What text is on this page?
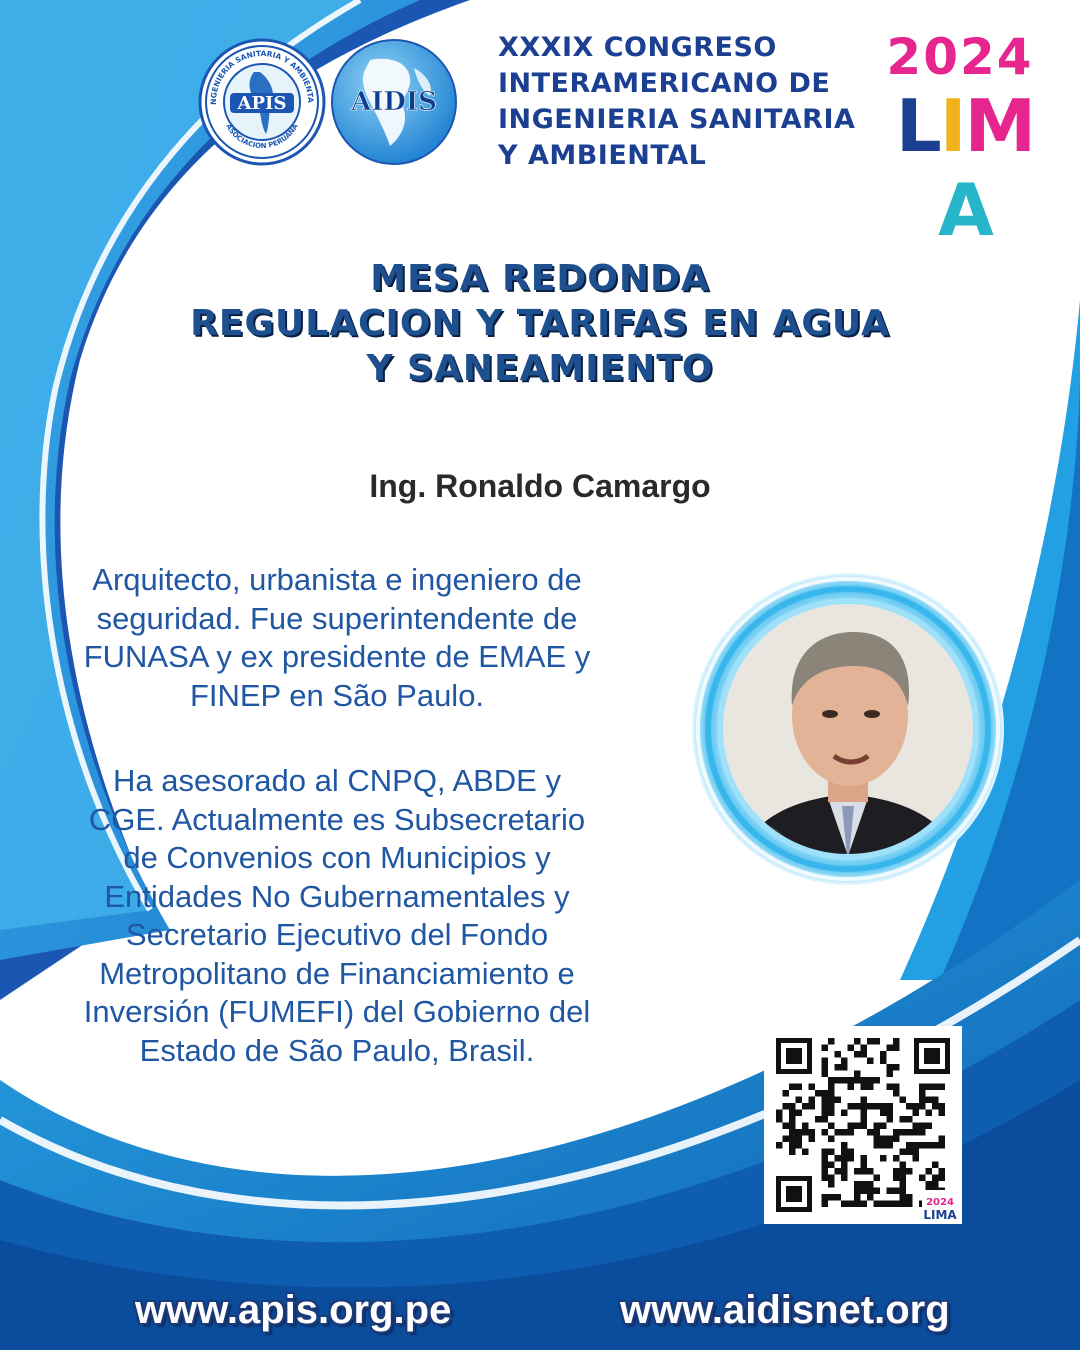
NGENIERIA SANITARIA Y AMBIENTA
ASOCIACION PERUANA
APIS AIDIS
XXXIX CONGRESO
INTERAMERICANO DE
INGENIERIA SANITARIA
Y AMBIENTAL
2024
LIMA
MESA REDONDA
REGULACION Y TARIFAS EN AGUA
Y SANEAMIENTO
Ing. Ronaldo Camargo
Arquitecto, urbanista e ingeniero de
seguridad. Fue superintendente de
FUNASA y ex presidente de EMAE y
FINEP en São Paulo.
Ha asesorado al CNPQ, ABDE y
CGE. Actualmente es Subsecretario
de Convenios con Municipios y
Entidades No Gubernamentales y
Secretario Ejecutivo del Fondo
Metropolitano de Financiamiento e
Inversión (FUMEFI) del Gobierno del
Estado de São Paulo, Brasil.
2024
LIMA
www.apis.org.pe	www.aidisnet.org
